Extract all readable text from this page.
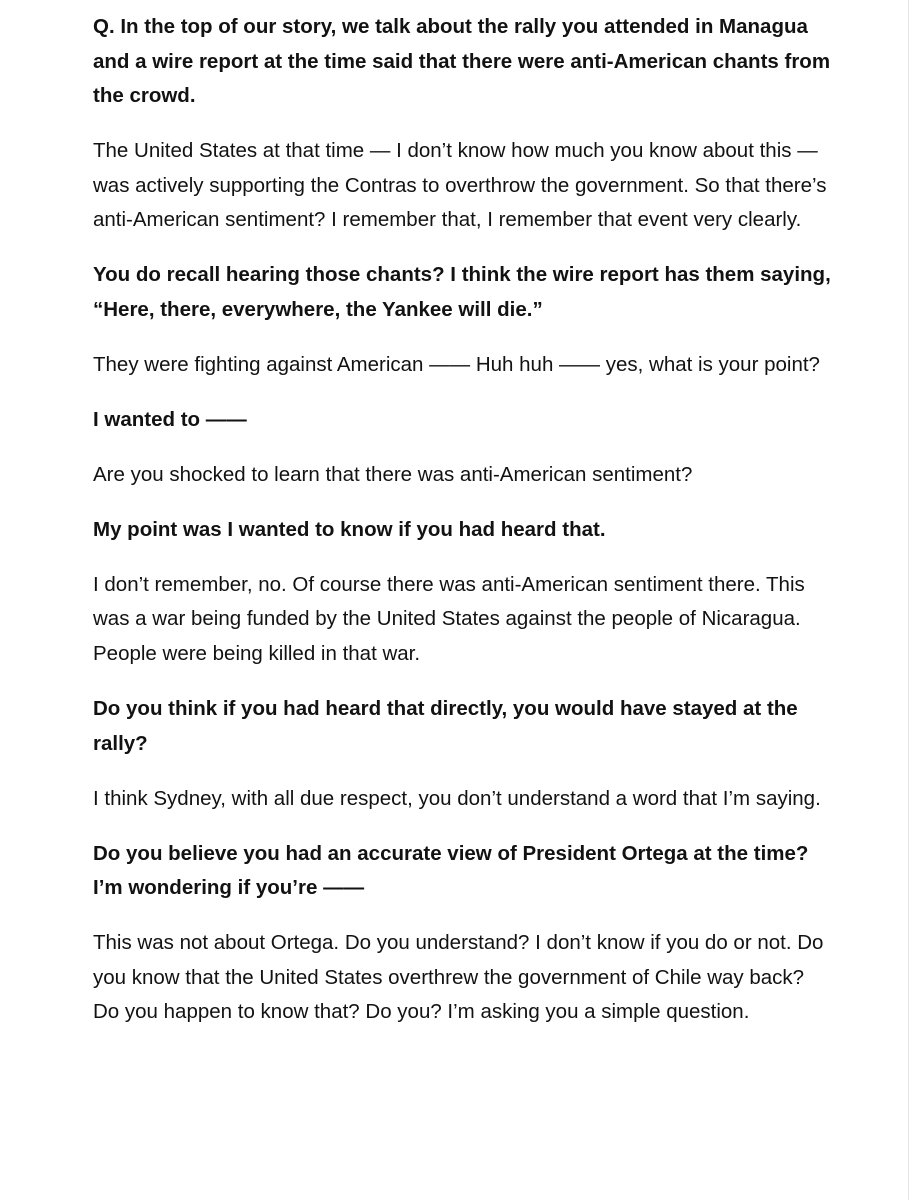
Q. In the top of our story, we talk about the rally you attended in Managua and a wire report at the time said that there were anti-American chants from the crowd.

The United States at that time — I don’t know how much you know about this — was actively supporting the Contras to overthrow the government. So that there’s anti-American sentiment? I remember that, I remember that event very clearly.

You do recall hearing those chants? I think the wire report has them saying, “Here, there, everywhere, the Yankee will die.”

They were fighting against American —— Huh huh —— yes, what is your point?

I wanted to ——

Are you shocked to learn that there was anti-American sentiment?

My point was I wanted to know if you had heard that.

I don’t remember, no. Of course there was anti-American sentiment there. This was a war being funded by the United States against the people of Nicaragua. People were being killed in that war.

Do you think if you had heard that directly, you would have stayed at the rally?

I think Sydney, with all due respect, you don’t understand a word that I’m saying.

Do you believe you had an accurate view of President Ortega at the time? I’m wondering if you’re ——

This was not about Ortega. Do you understand? I don’t know if you do or not. Do you know that the United States overthrew the government of Chile way back? Do you happen to know that? Do you? I’m asking you a simple question.
